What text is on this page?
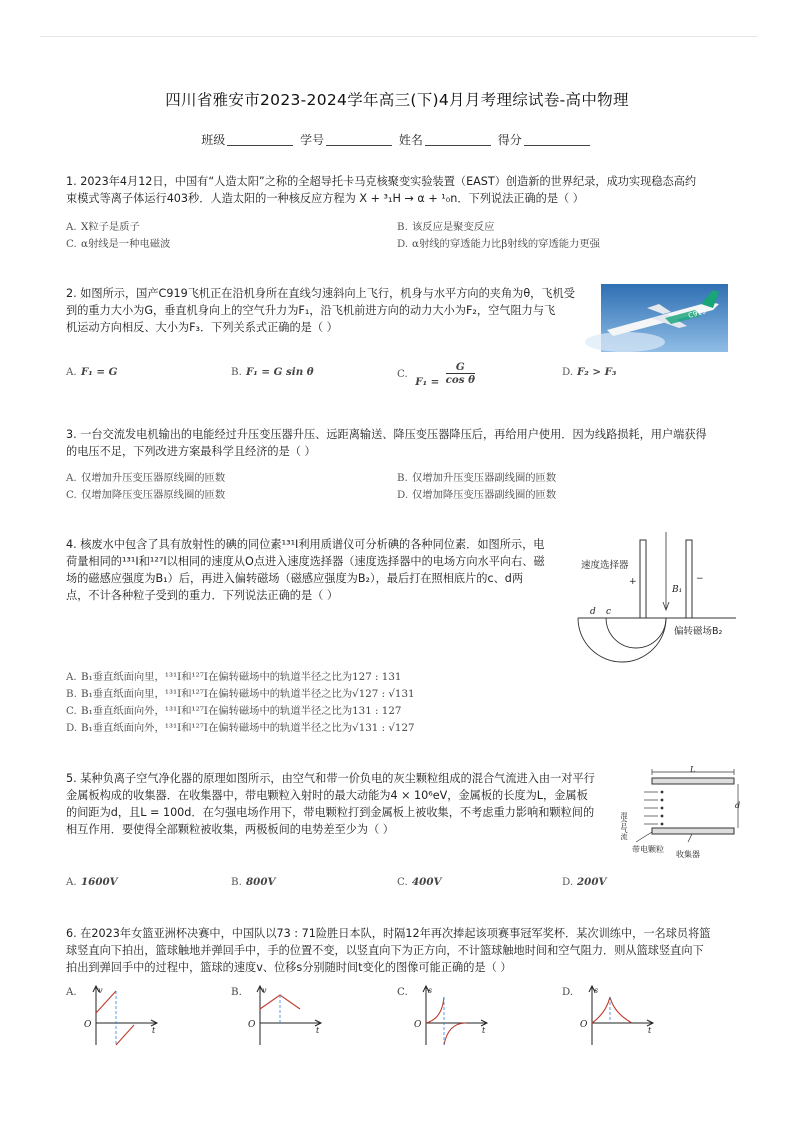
四川省雅安市2023-2024学年高三(下)4月月考理综试卷-高中物理
班级	学号	姓名	得分
1. 2023年4月12日，中国有“人造太阳”之称的全超导托卡马克核聚变实验装置（EAST）创造新的世界纪录，成功实现稳态高约
束模式等离子体运行403秒．人造太阳的一种核反应方程为 X + ³₁H → α + ¹₀n．下列说法正确的是（ ）
A. X粒子是质子	B. 该反应是聚变反应
C. α射线是一种电磁波	D. α射线的穿透能力比β射线的穿透能力更强
2. 如图所示，国产C919飞机正在沿机身所在直线匀速斜向上飞行，机身与水平方向的夹角为θ，飞机受
到的重力大小为G，垂直机身向上的空气升力为F₁，沿飞机前进方向的动力大小为F₂，空气阻力与飞
机运动方向相反、大小为F₃．下列关系式正确的是（ ）
C919
A. F₁ = G	B. F₁ = G sin θ	C. $F_1 = \frac{G}{\text{cos θ}}$	D. F₂ > F₃
3. 一台交流发电机输出的电能经过升压变压器升压、远距离输送、降压变压器降压后，再给用户使用．因为线路损耗，用户端获得
的电压不足，下列改进方案最科学且经济的是（ ）
A. 仅增加升压变压器原线圈的匝数	B. 仅增加升压变压器副线圈的匝数
C. 仅增加降压变压器原线圈的匝数	D. 仅增加降压变压器副线圈的匝数
4. 核废水中包含了具有放射性的碘的同位素¹³¹I利用质谱仪可分析碘的各种同位素．如图所示，电
荷量相同的¹³¹I和¹²⁷I以相同的速度从O点进入速度选择器（速度选择器中的电场方向水平向右、磁
场的磁感应强度为B₁）后，再进入偏转磁场（磁感应强度为B₂），最后打在照相底片的c、d两
点，不计各种粒子受到的重力．下列说法正确的是（ ）
速度选择器
+	−
B₁
d c
偏转磁场B₂
A. B₁垂直纸面向里，¹³¹I和¹²⁷I在偏转磁场中的轨道半径之比为127 : 131
B. B₁垂直纸面向里，¹³¹I和¹²⁷I在偏转磁场中的轨道半径之比为√127 : √131
C. B₁垂直纸面向外，¹³¹I和¹²⁷I在偏转磁场中的轨道半径之比为131 : 127
D. B₁垂直纸面向外，¹³¹I和¹²⁷I在偏转磁场中的轨道半径之比为√131 : √127
5. 某种负离子空气净化器的原理如图所示，由空气和带一价负电的灰尘颗粒组成的混合气流进入由一对平行
金属板构成的收集器．在收集器中，带电颗粒入射时的最大动能为4 × 10⁶eV，金属板的长度为L，金属板
的间距为d，且L = 100d．在匀强电场作用下，带电颗粒打到金属板上被收集，不考虑重力影响和颗粒间的
相互作用．要使得全部颗粒被收集，两极板间的电势差至少为（ ）
L
d
混合气流
带电颗粒
收集器
A. 1600V	B. 800V	C. 400V	D. 200V
6. 在2023年女篮亚洲杯决赛中，中国队以73 : 71险胜日本队，时隔12年再次捧起该项赛事冠军奖杯．某次训练中，一名球员将篮
球竖直向下拍出，篮球触地并弹回手中，手的位置不变，以竖直向下为正方向，不计篮球触地时间和空气阻力．则从篮球竖直向下
拍出到弹回手中的过程中，篮球的速度v、位移s分别随时间t变化的图像可能正确的是（ ）
A.	v
O
t
B.	v
O
t
C.	s
O
t
D.	s
O
t
